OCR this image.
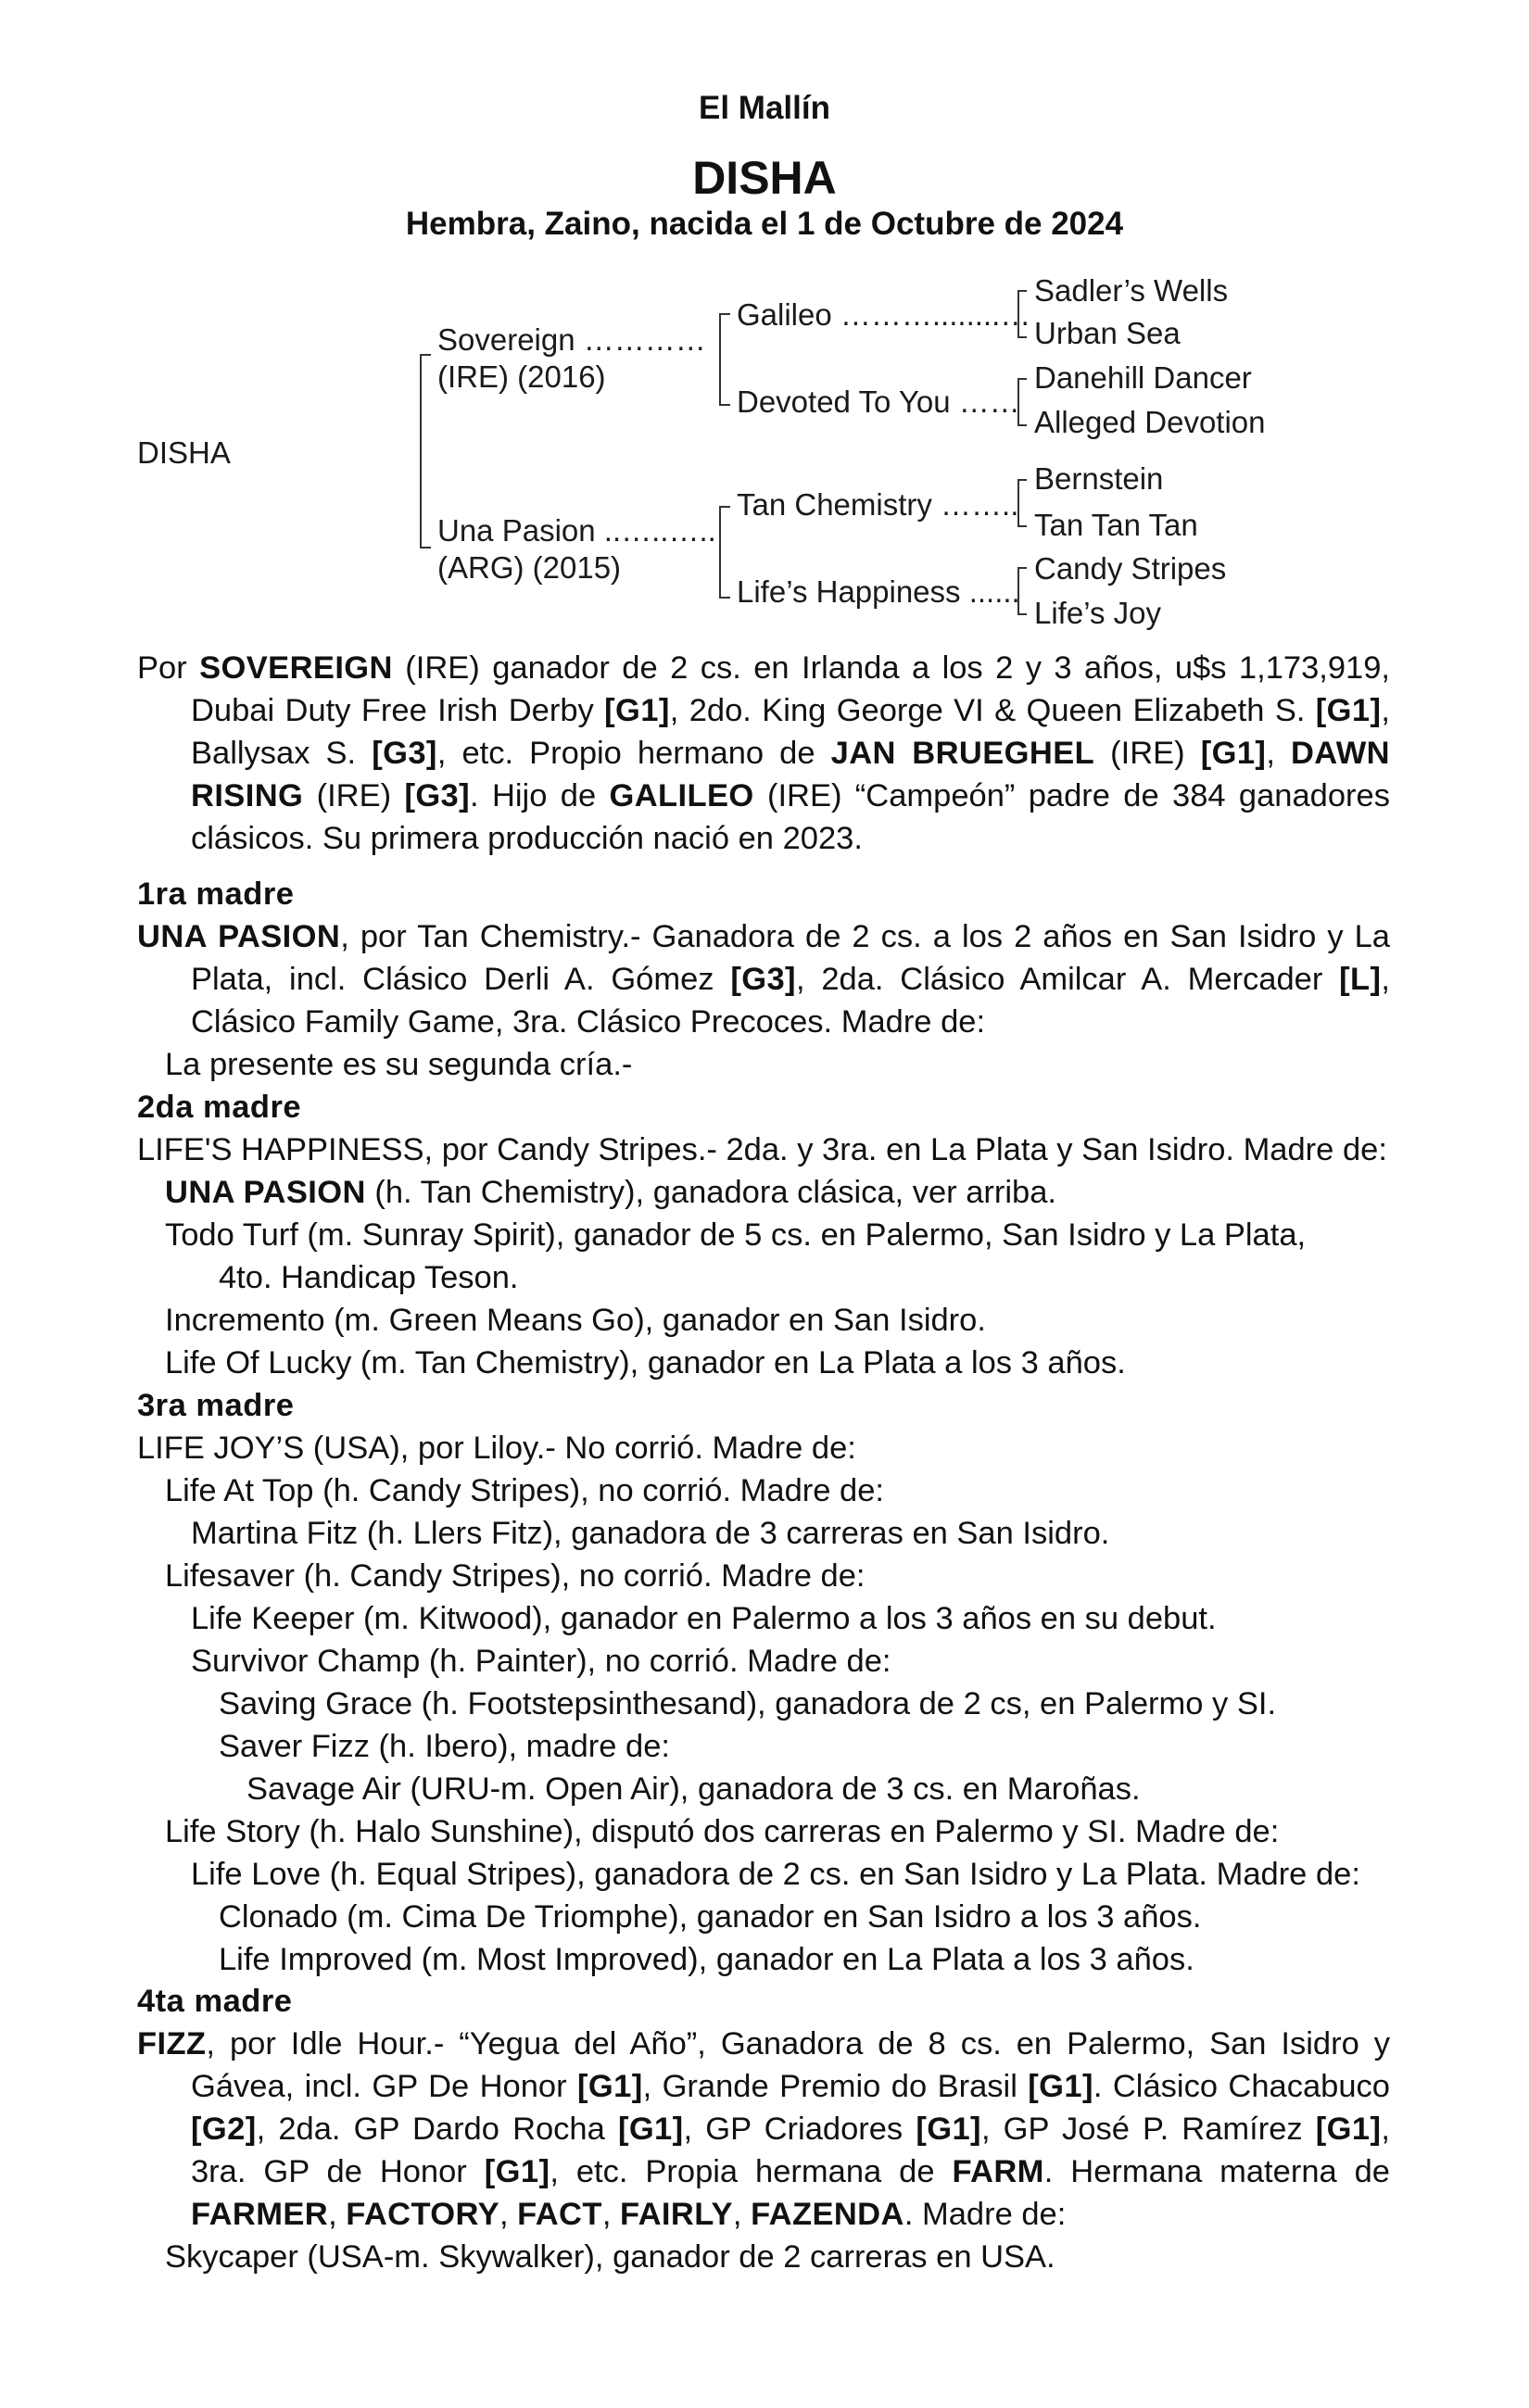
El Mallín
DISHA
Hembra, Zaino, nacida el 1 de Octubre de 2024
DISHA
Sovereign …………
(IRE) (2016)
Una Pasion ..…..…..
(ARG) (2015)
Galileo ………........…
Devoted To You ……
Tan Chemistry ……..
Life’s Happiness ......
Sadler’s Wells
Urban Sea
Danehill Dancer
Alleged Devotion
Bernstein
Tan Tan Tan
Candy Stripes
Life’s Joy

Por SOVEREIGN (IRE) ganador de 2 cs. en Irlanda a los 2 y 3 años, u$s 1,173,919, Dubai Duty Free Irish Derby [G1], 2do. King George VI & Queen Elizabeth S. [G1], Ballysax S. [G3], etc. Propio hermano de JAN BRUEGHEL (IRE) [G1], DAWN RISING (IRE) [G3]. Hijo de GALILEO (IRE) “Campeón” padre de 384 ganadores clásicos. Su primera producción nació en 2023.

1ra madre

UNA PASION, por Tan Chemistry.- Ganadora de 2 cs. a los 2 años en San Isidro y La Plata, incl. Clásico Derli A. Gómez [G3], 2da. Clásico Amilcar A. Mercader [L], Clásico Family Game, 3ra. Clásico Precoces. Madre de:

La presente es su segunda cría.-

2da madre

LIFE'S HAPPINESS, por Candy Stripes.- 2da. y 3ra. en La Plata y San Isidro. Madre de:

UNA PASION (h. Tan Chemistry), ganadora clásica, ver arriba.

Todo Turf (m. Sunray Spirit), ganador de 5 cs. en Palermo, San Isidro y La Plata,

4to. Handicap Teson.

Incremento (m. Green Means Go), ganador en San Isidro.

Life Of Lucky (m. Tan Chemistry), ganador en La Plata a los 3 años.

3ra madre

LIFE JOY’S (USA), por Liloy.- No corrió. Madre de:

Life At Top (h. Candy Stripes), no corrió. Madre de:

Martina Fitz (h. Llers Fitz), ganadora de 3 carreras en San Isidro.

Lifesaver (h. Candy Stripes), no corrió. Madre de:

Life Keeper (m. Kitwood), ganador en Palermo a los 3 años en su debut.

Survivor Champ (h. Painter), no corrió. Madre de:

Saving Grace (h. Footstepsinthesand), ganadora de 2 cs, en Palermo y SI.

Saver Fizz (h. Ibero), madre de:

Savage Air (URU-m. Open Air), ganadora de 3 cs. en Maroñas.

Life Story (h. Halo Sunshine), disputó dos carreras en Palermo y SI. Madre de:

Life Love (h. Equal Stripes), ganadora de 2 cs. en San Isidro y La Plata. Madre de:

Clonado (m. Cima De Triomphe), ganador en San Isidro a los 3 años.

Life Improved (m. Most Improved), ganador en La Plata a los 3 años.

4ta madre

FIZZ, por Idle Hour.- “Yegua del Año”, Ganadora de 8 cs. en Palermo, San Isidro y Gávea, incl. GP De Honor [G1], Grande Premio do Brasil [G1]. Clásico Chacabuco [G2], 2da. GP Dardo Rocha [G1], GP Criadores [G1], GP José P. Ramírez [G1], 3ra. GP de Honor [G1], etc. Propia hermana de FARM. Hermana materna de FARMER, FACTORY, FACT, FAIRLY, FAZENDA. Madre de:

Skycaper (USA-m. Skywalker), ganador de 2 carreras en USA.
